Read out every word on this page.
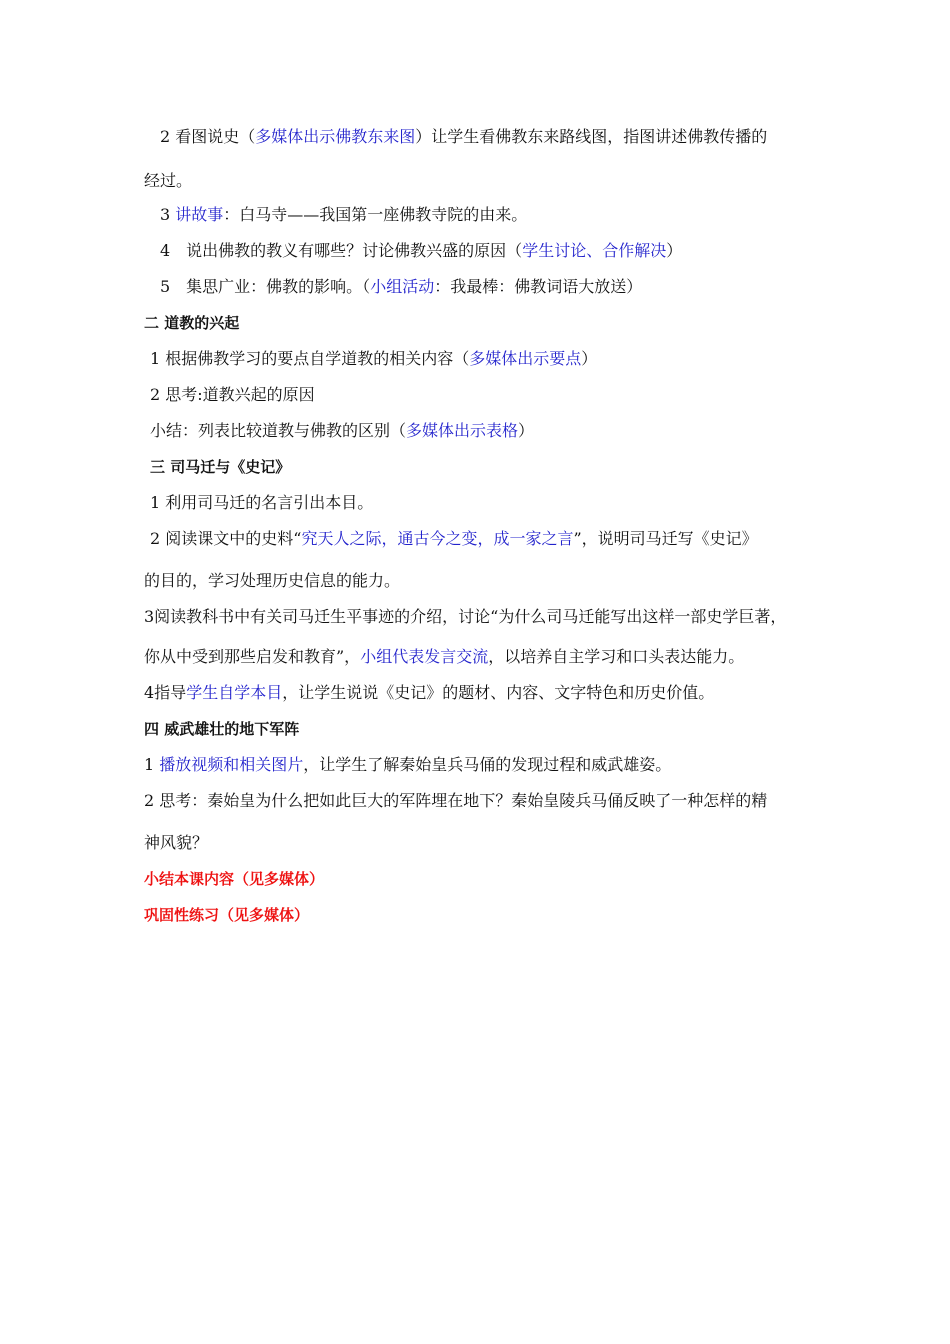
2 看图说史（多媒体出示佛教东来图）让学生看佛教东来路线图，指图讲述佛教传播的
经过。
3 讲故事：白马寺——我国第一座佛教寺院的由来。
4　说出佛教的教义有哪些？讨论佛教兴盛的原因（学生讨论、合作解决）
5　集思广业：佛教的影响。（小组活动：我最棒：佛教词语大放送）
二 道教的兴起
1 根据佛教学习的要点自学道教的相关内容（多媒体出示要点）
2 思考:道教兴起的原因
小结：列表比较道教与佛教的区别（多媒体出示表格）
三 司马迁与《史记》
1 利用司马迁的名言引出本目。
2 阅读课文中的史料“究天人之际，通古今之变，成一家之言”，说明司马迁写《史记》
的目的，学习处理历史信息的能力。
3阅读教科书中有关司马迁生平事迹的介绍，讨论“为什么司马迁能写出这样一部史学巨著，
你从中受到那些启发和教育”，小组代表发言交流，以培养自主学习和口头表达能力。
4指导学生自学本目，让学生说说《史记》的题材、内容、文字特色和历史价值。
四 威武雄壮的地下军阵
1 播放视频和相关图片，让学生了解秦始皇兵马俑的发现过程和威武雄姿。
2 思考：秦始皇为什么把如此巨大的军阵埋在地下？秦始皇陵兵马俑反映了一种怎样的精
神风貌？
小结本课内容（见多媒体）
巩固性练习（见多媒体）
